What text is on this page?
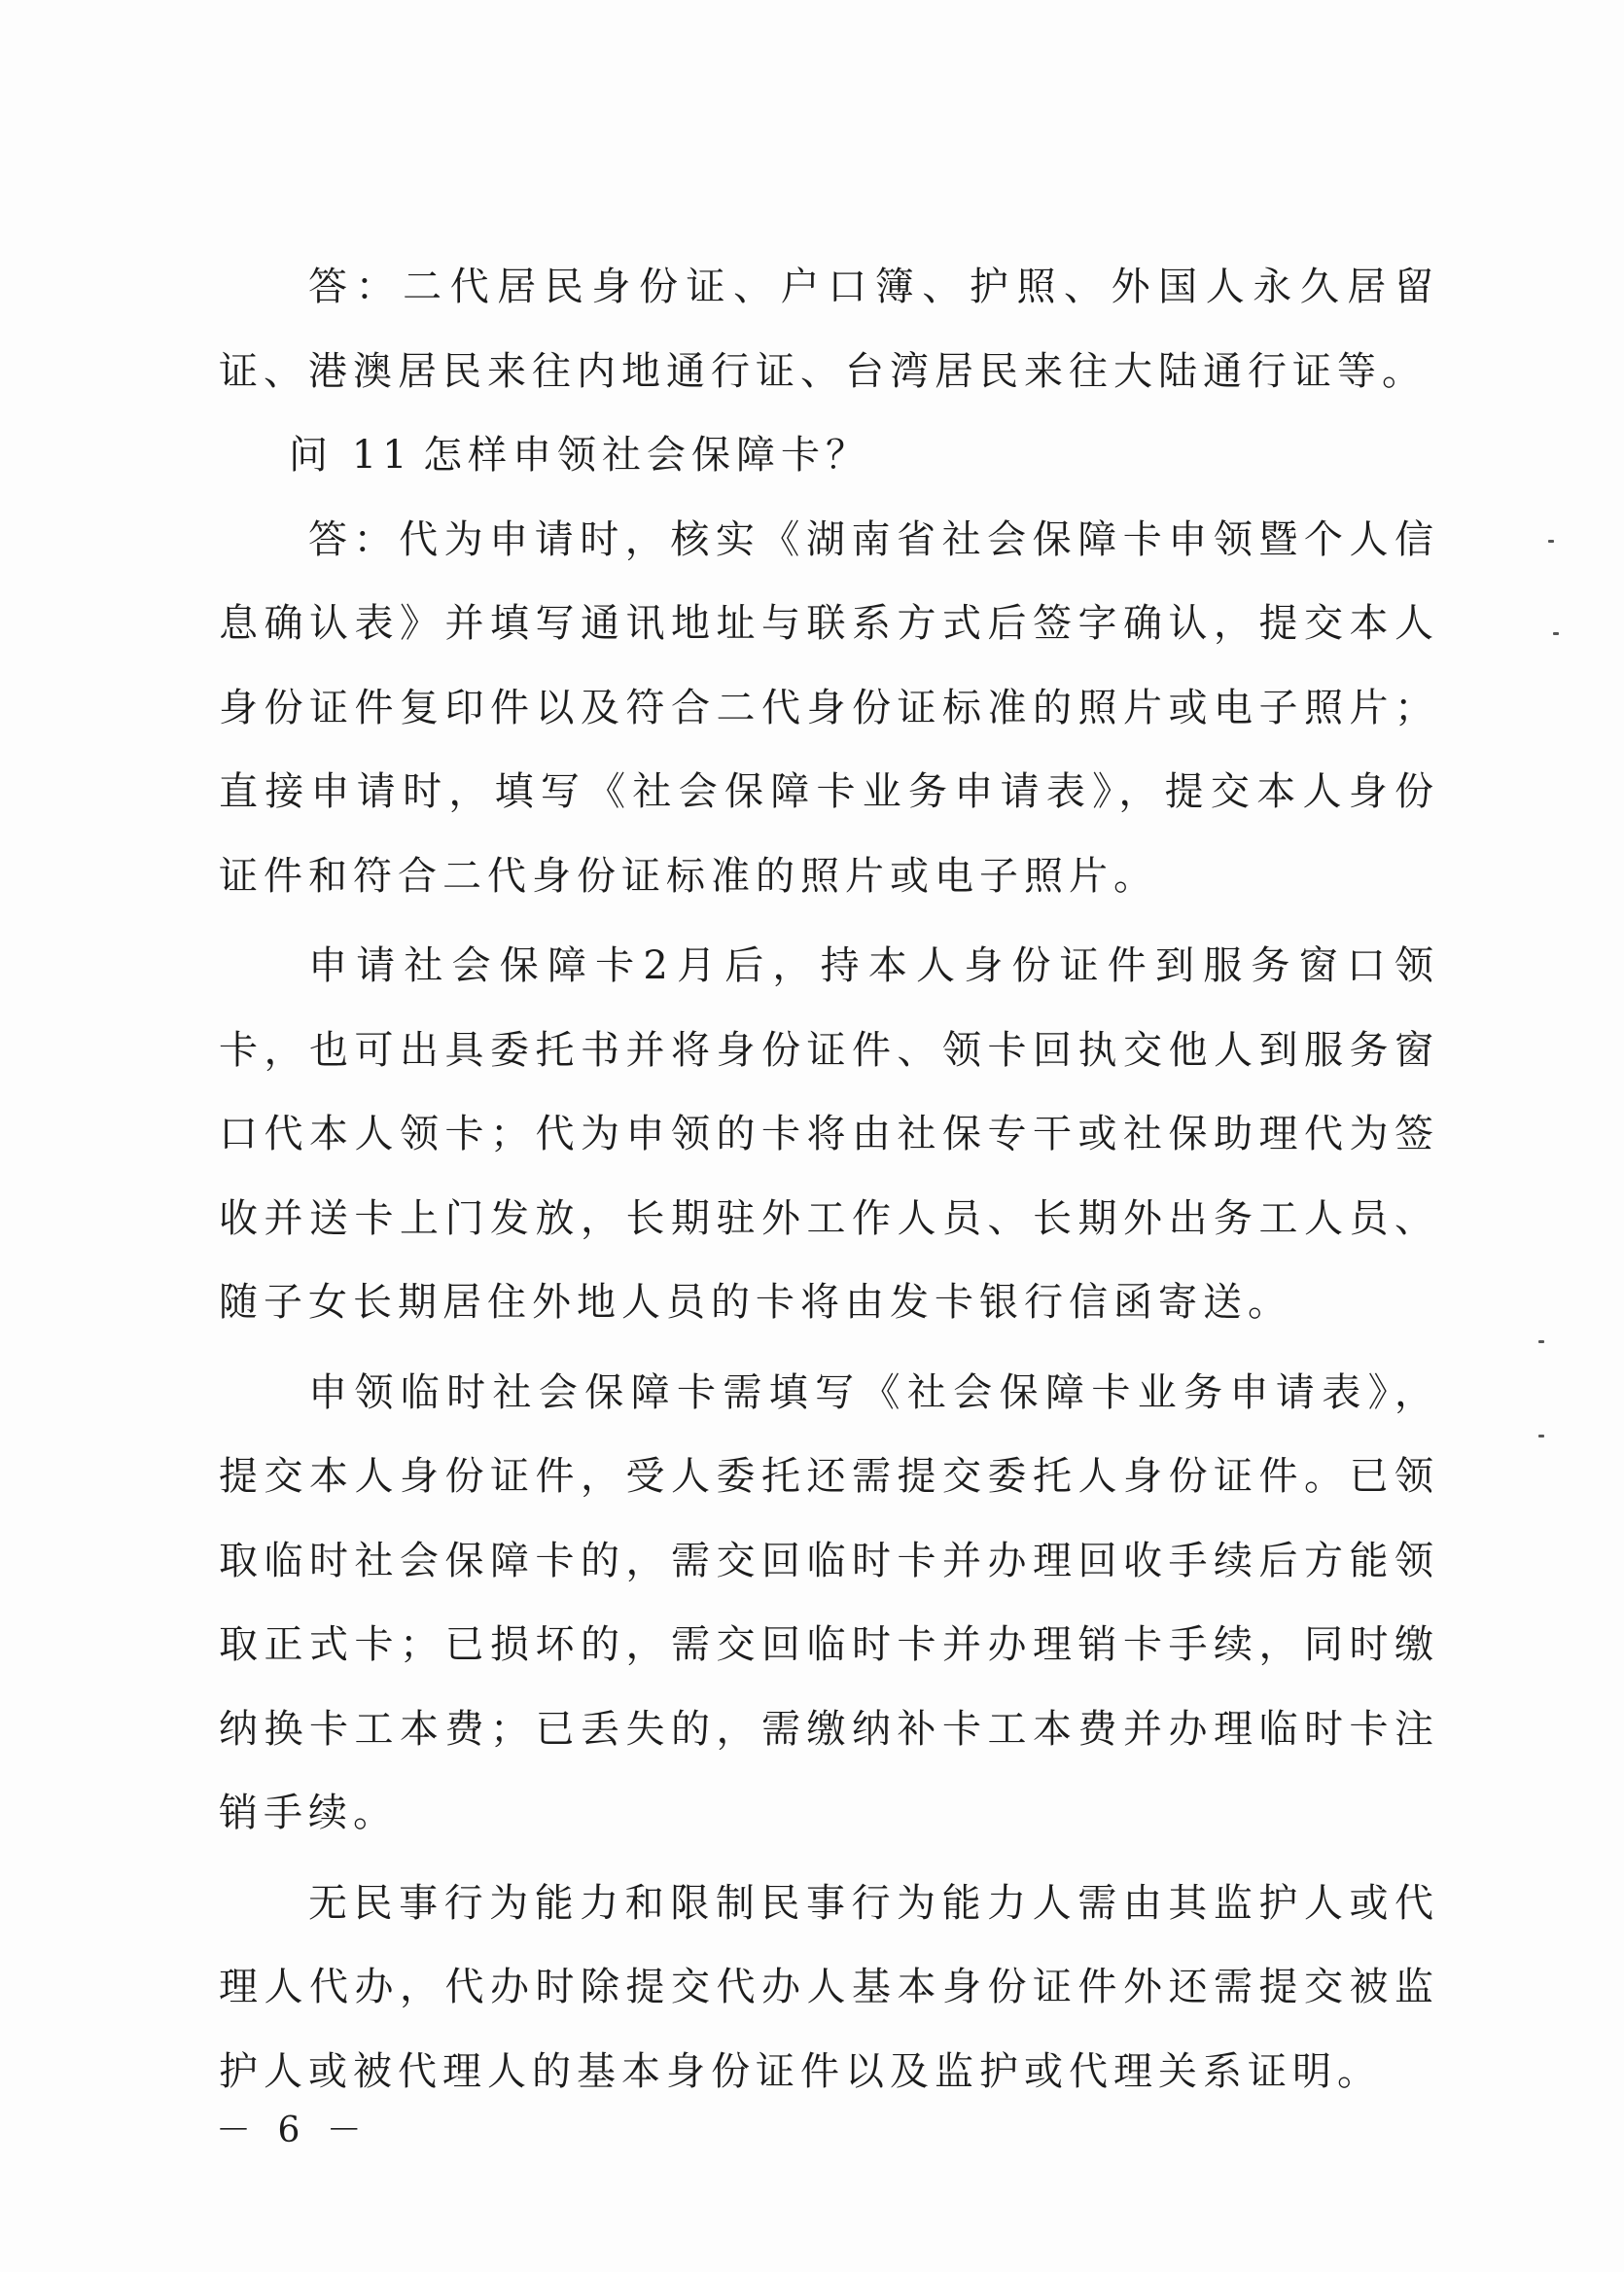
答：二代居民身份证、户口簿、护照、外国人永久居留证、港澳居民来往内地通行证、台湾居民来往大陆通行证等。

问 11 怎样申领社会保障卡？

答：代为申请时，核实《湖南省社会保障卡申领暨个人信息确认表》并填写通讯地址与联系方式后签字确认，提交本人身份证件复印件以及符合二代身份证标准的照片或电子照片；直接申请时，填写《社会保障卡业务申请表》，提交本人身份证件和符合二代身份证标准的照片或电子照片。

申请社会保障卡2月后，持本人身份证件到服务窗口领卡，也可出具委托书并将身份证件、领卡回执交他人到服务窗口代本人领卡；代为申领的卡将由社保专干或社保助理代为签收并送卡上门发放，长期驻外工作人员、长期外出务工人员、随子女长期居住外地人员的卡将由发卡银行信函寄送。

申领临时社会保障卡需填写《社会保障卡业务申请表》，提交本人身份证件，受人委托还需提交委托人身份证件。已领取临时社会保障卡的，需交回临时卡并办理回收手续后方能领取正式卡；已损坏的，需交回临时卡并办理销卡手续，同时缴纳换卡工本费；已丢失的，需缴纳补卡工本费并办理临时卡注销手续。

无民事行为能力和限制民事行为能力人需由其监护人或代理人代办，代办时除提交代办人基本身份证件外还需提交被监护人或被代理人的基本身份证件以及监护或代理关系证明。

－ 6 －
